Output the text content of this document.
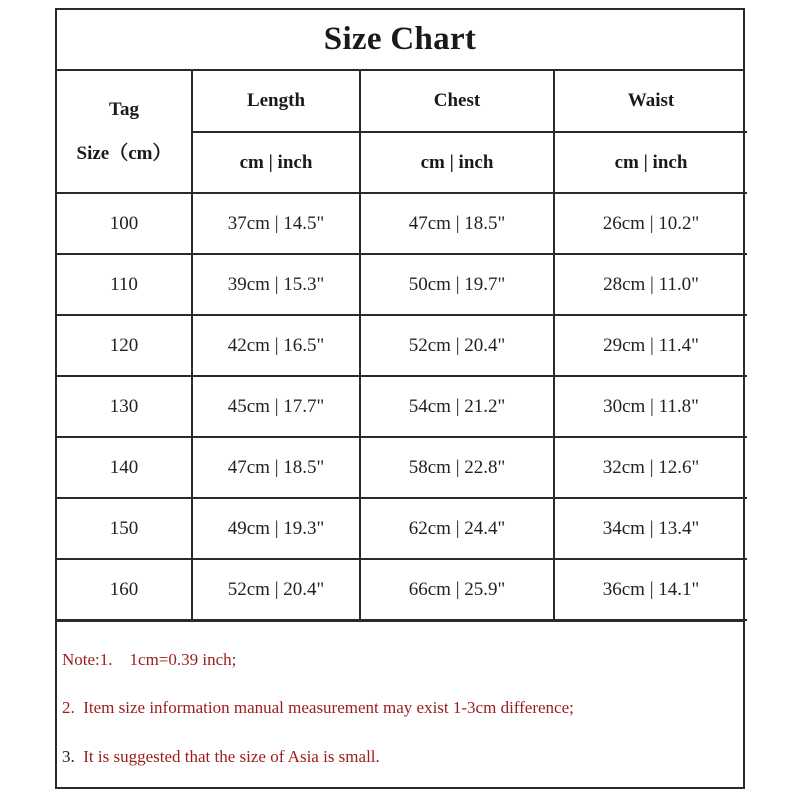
Size Chart
Tag
Size（cm）	Length	Chest	Waist
	cm | inch	cm | inch	cm | inch
100	37cm | 14.5"	47cm | 18.5"	26cm | 10.2"
110	39cm | 15.3"	50cm | 19.7"	28cm | 11.0"
120	42cm | 16.5"	52cm | 20.4"	29cm | 11.4"
130	45cm | 17.7"	54cm | 21.2"	30cm | 11.8"
140	47cm | 18.5"	58cm | 22.8"	32cm | 12.6"
150	49cm | 19.3"	62cm | 24.4"	34cm | 13.4"
160	52cm | 20.4"	66cm | 25.9"	36cm | 14.1"
Note:1.    1cm=0.39 inch;
2.  Item size information manual measurement may exist 1-3cm difference;
3.  It is suggested that the size of Asia is small.
